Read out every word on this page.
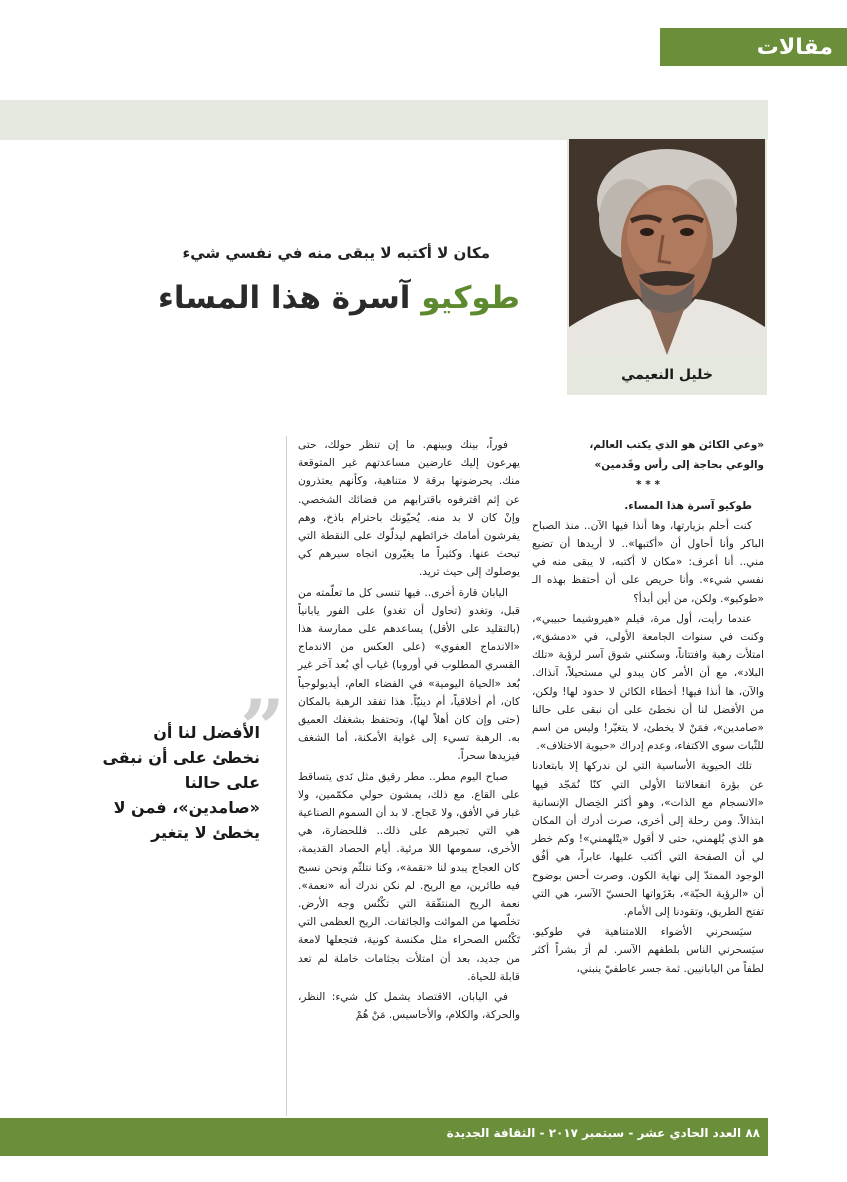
مقالات
خليل النعيمي
مكان لا أكتبه لا يبقى منه في نفسي شيء
طوكيو آسرة هذا المساء

«وعي الكائن هو الذي يكتب العالم،

والوعي بحاجة إلى رأس وقَدمين»

* * *

طوكيو آسرة هذا المساء.

كنت أحلم بزيارتها، وها أنذا فيها الآن.. منذ الصباح الباكر وأنا أحاول أن «أكتبها».. لا أريدها أن تضيع مني.. أنا أعرف: «مكان لا أكتبه، لا يبقى منه في نفسي شيء». وأنا حريص على أن أحتفظ بهذه الـ «طوكيو». ولكن، من أين أبدأ؟

عندما رأيت، أول مرة، فيلم «هيروشيما حبيبي»، وكنت في سنوات الجامعة الأولى، في «دمشق»، امتلأت رهبة وافتتاناً، وسكنني شوق آسر لرؤية «تلك البلاد»، مع أن الأمر كان يبدو لي مستحيلاً، آنذاك. والآن، ها أنذا فيها! أخطاء الكائن لا حدود لها! ولكن، من الأفضل لنا أن نخطئ على أن نبقى على حالنا «صامدين»، فمَنْ لا يخطئ، لا يتغيّر! وليس من اسم للثّبات سوى الاكتفاء، وعدم إدراك «حيوية الاختلاف».

تلك الحيوية الأساسية التي لن ندركها إلا بابتعادنا عن بؤرة انفعالاتنا الأولى التي كنّا نُمَجّد فيها «الانسجام مع الذات»، وهو أكثر الخِصال الإنسانية ابتذالاً. ومن رحلة إلى أخرى، صرت أدرك أن المكان هو الذي يُلهمني، حتى لا أقول «يتْلهمني»! وكم خطر لي أن الصفحة التي أكتب عليها، عابراً، هي أفُق الوجود الممتدّ إلى نهاية الكون. وصرت أحس بوضوح أن «الرؤية الحيّة»، بغَزَواتها الحسيّ الآسر، هي التي تفتح الطريق، وتقودنا إلى الأمام.

سيَسحرني الأضواء اللامتناهية في طوكيو. سيَسحرني الناس بلطفهم الآسر. لم أرَ بشراً أكثر لطفاً من اليابانيين. ثمة جسر عاطفيّ ينبني،

فوراً، بينك وبينهم. ما إن تنظر حولك، حتى يهرعون إليك عارضين مساعدتهم غير المتوقعة منك. يحرضونها برقة لا متناهية، وكأنهم يعتذرون عن إثم اقترفوه باقترابهم من فضائك الشخصي. وإنْ كان لا بد منه. يُحيّونك باحترام باذخ، وهم يفرشون أمامك خرائطهم ليدلّوك على النقطة التي تبحث عنها. وكثيراً ما يغيّرون اتجاه سيرهم كي يوصلوك إلى حيث تريد.

اليابان قارة أخرى.. فيها تنسى كل ما تعلّمته من قبل، وتغدو (تحاول أن تغدو) على الفور يابانياً (بالتقليد على الأقل) يساعدهم على ممارسة هذا «الاندماج العفوي» (على العكس من الاندماج القسري المطلوب في أوروبا) غياب أي بُعد آخر غير بُعد «الحياة اليومية» في الفضاء العام، أيديولوجياً كان، أم أخلاقياً، أم دينيّاً. هذا تفقد الرهبة بالمكان (حتى وإن كان أهلاً لها)، وتحتفظ بشغفك العميق به. الرهبة تسيء إلى غواية الأمكنة، أما الشغف فيزيدها سحراً.

صباح اليوم مطر.. مطر رقيق مثل نَدى يتساقط على القاع. مع ذلك، يمشون حولي مكمّمين، ولا غبار في الأفق، ولا عَجاج. لا بد أن السموم الصناعية هي التي تجبرهم على ذلك.. فللحضارة، هي الأخرى، سمومها اللا مرئية. أيام الحصاد القديمة، كان العجاج يبدو لنا «نقمة»، وكنا نتلثّم ونحن نسبح فيه طائرين، مع الريح. لم نكن ندرك أنه «نعمة». نعمة الريح المنتفّقة التي تكْنُس وجه الأرض. تخلّصها من الموائت والجائفات. الريح العظمى التي تَكْنُس الصحراء مثل مكنسة كونية، فتجعلها لامعة من جديد، بعد أن امتلأت بجثامات خاملة لم تعد قابلة للحياة.

في اليابان، الاقتصاد يشمل كل شيء: النظر، والحركة، والكلام، والأحاسيس. مَنْ هُمْ

”
الأفضل لنا أن نخطئ على أن نبقى على حالنا «صامدين»، فمن لا يخطئ لا يتغير
٨٨ العدد الحادي عشر - سبتمبر ٢٠١٧ - الثقافة الجديدة
